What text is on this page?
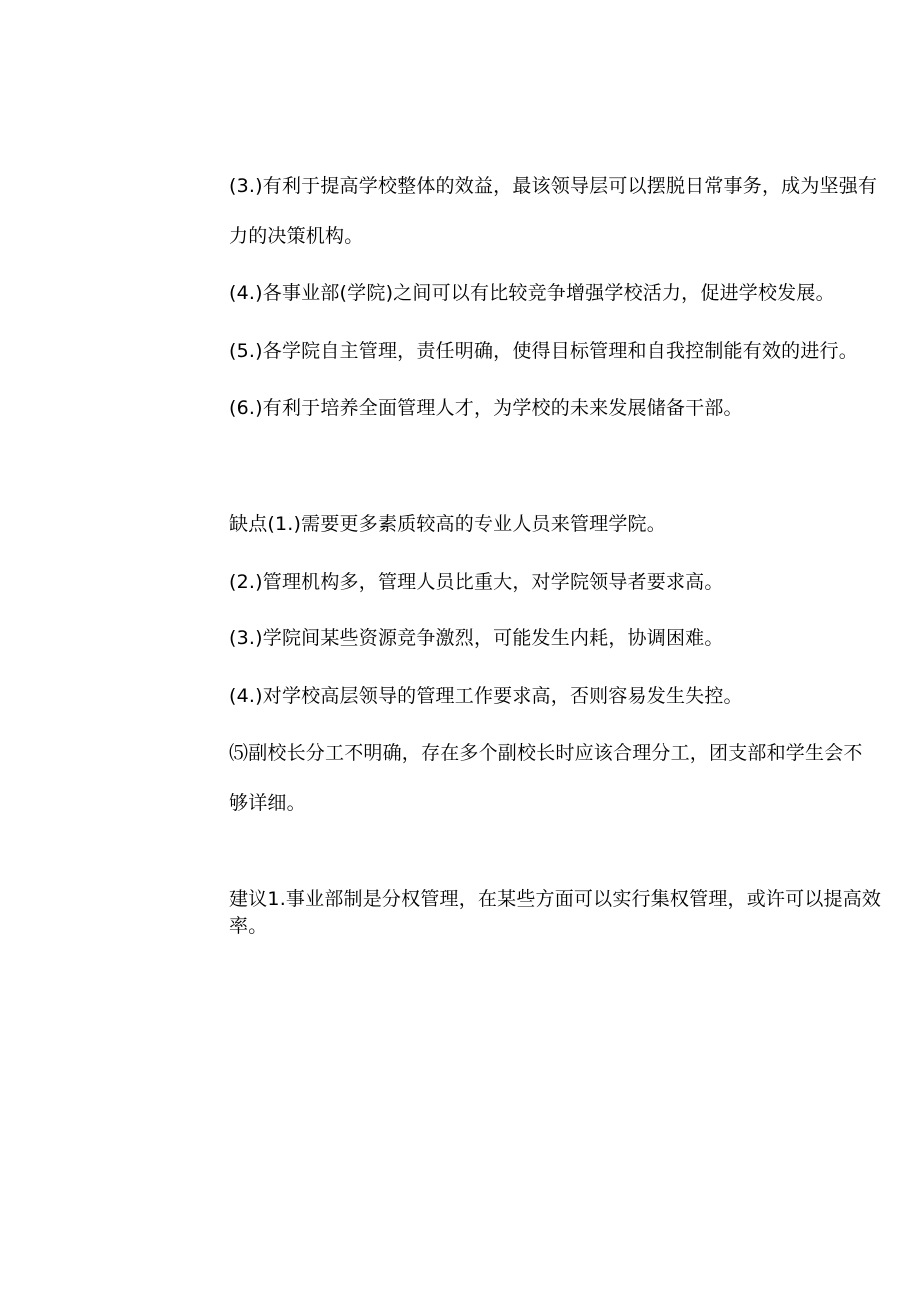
(3.)有利于提高学校整体的效益，最该领导层可以摆脱日常事务，成为坚强有

力的决策机构。

(4.)各事业部(学院)之间可以有比较竞争增强学校活力，促进学校发展。

(5.)各学院自主管理，责任明确，使得目标管理和自我控制能有效的进行。

(6.)有利于培养全面管理人才，为学校的未来发展储备干部。

缺点(1.)需要更多素质较高的专业人员来管理学院。

(2.)管理机构多，管理人员比重大，对学院领导者要求高。

(3.)学院间某些资源竞争激烈，可能发生内耗，协调困难。

(4.)对学校高层领导的管理工作要求高，否则容易发生失控。

⑸副校长分工不明确，存在多个副校长时应该合理分工，团支部和学生会不

够详细。

建议1.事业部制是分权管理，在某些方面可以实行集权管理，或许可以提高效

率。
